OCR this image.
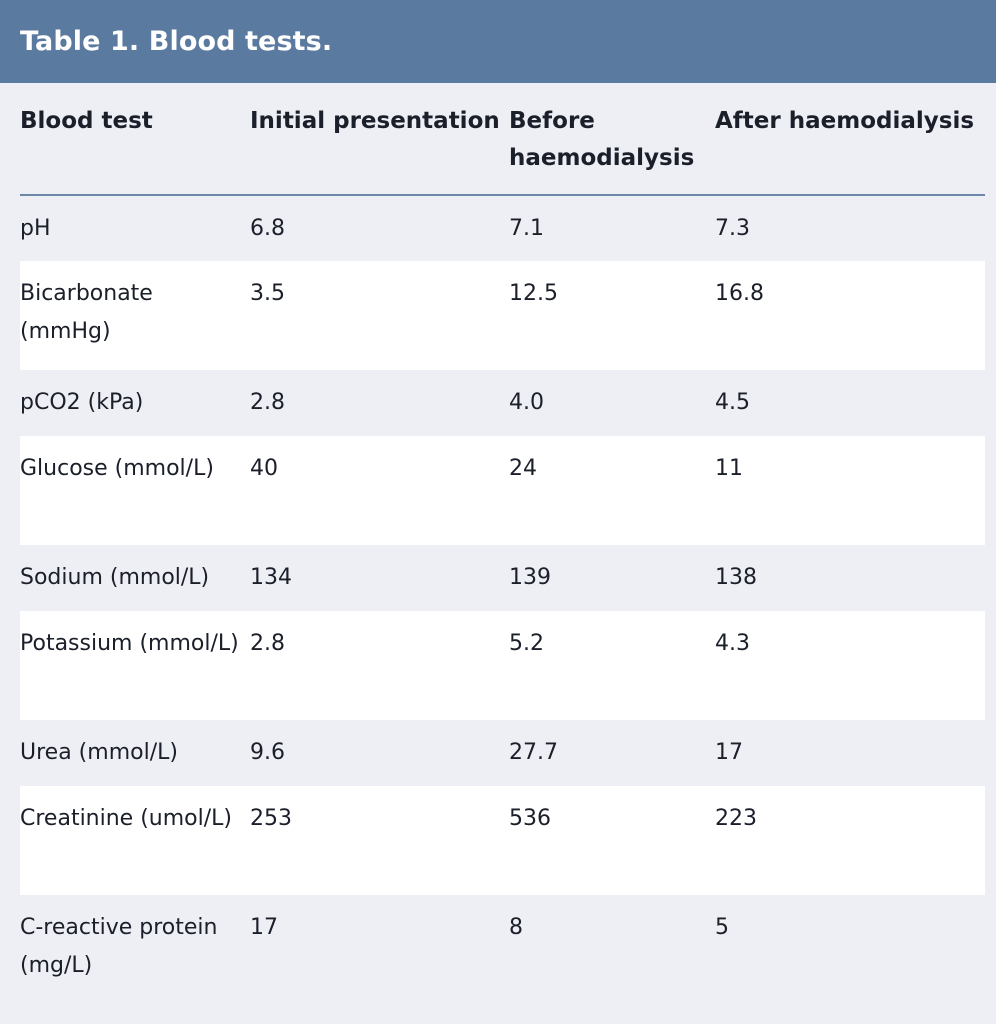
Table 1. Blood tests.
Blood test	Initial presentation	Before haemodialysis	After haemodialysis
pH	6.8	7.1	7.3
Bicarbonate (mmHg)	3.5	12.5	16.8
pCO2 (kPa)	2.8	4.0	4.5
Glucose (mmol/L)	40	24	11
Sodium (mmol/L)	134	139	138
Potassium (mmol/L)	2.8	5.2	4.3
Urea (mmol/L)	9.6	27.7	17
Creatinine (umol/L)	253	536	223
C-reactive protein (mg/L)	17	8	5
